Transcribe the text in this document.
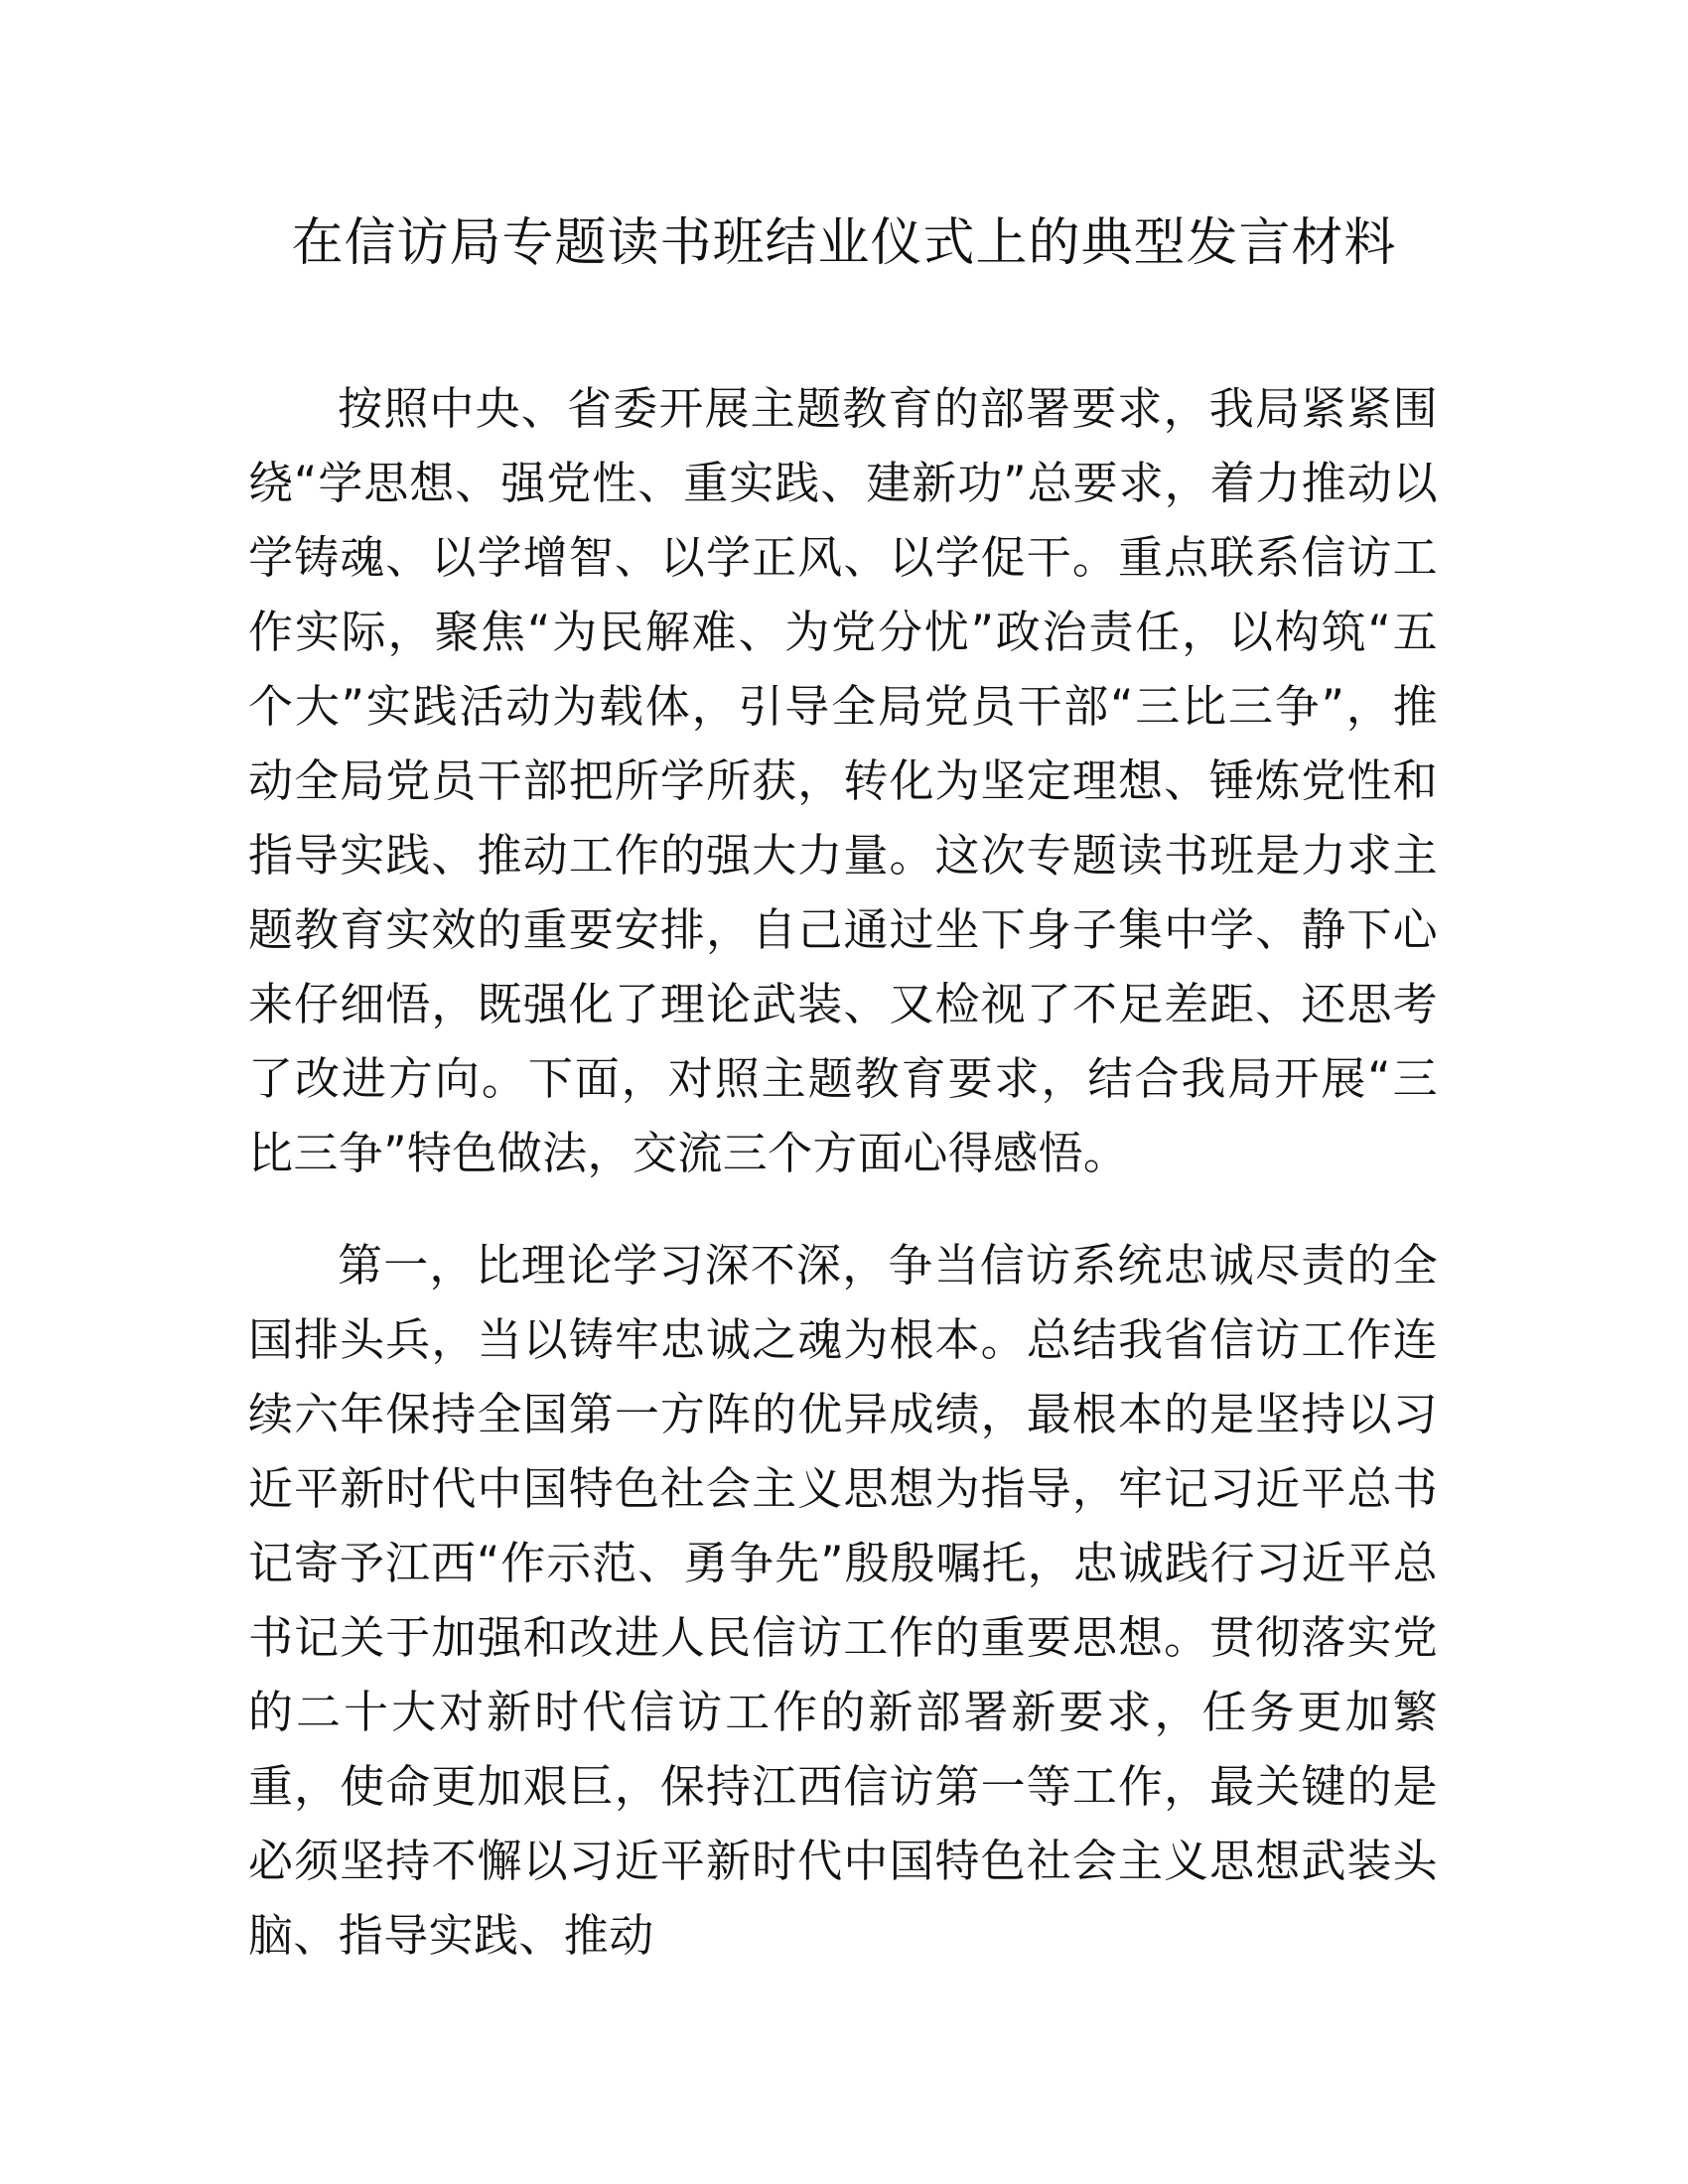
在信访局专题读书班结业仪式上的典型发言材料

按照中央、省委开展主题教育的部署要求，我局紧紧围绕“学思想、强党性、重实践、建新功”总要求，着力推动以学铸魂、以学增智、以学正风、以学促干。重点联系信访工作实际，聚焦“为民解难、为党分忧”政治责任，以构筑“五个大”实践活动为载体，引导全局党员干部“三比三争”，推动全局党员干部把所学所获，转化为坚定理想、锤炼党性和指导实践、推动工作的强大力量。这次专题读书班是力求主题教育实效的重要安排，自己通过坐下身子集中学、静下心来仔细悟，既强化了理论武装、又检视了不足差距、还思考了改进方向。下面，对照主题教育要求，结合我局开展“三比三争”特色做法，交流三个方面心得感悟。

第一，比理论学习深不深，争当信访系统忠诚尽责的全国排头兵，当以铸牢忠诚之魂为根本。总结我省信访工作连续六年保持全国第一方阵的优异成绩，最根本的是坚持以习近平新时代中国特色社会主义思想为指导，牢记习近平总书记寄予江西“作示范、勇争先”殷殷嘱托，忠诚践行习近平总书记关于加强和改进人民信访工作的重要思想。贯彻落实党的二十大对新时代信访工作的新部署新要求，任务更加繁重，使命更加艰巨，保持江西信访第一等工作，最关键的是必须坚持不懈以习近平新时代中国特色社会主义思想武装头脑、指导实践、推动
